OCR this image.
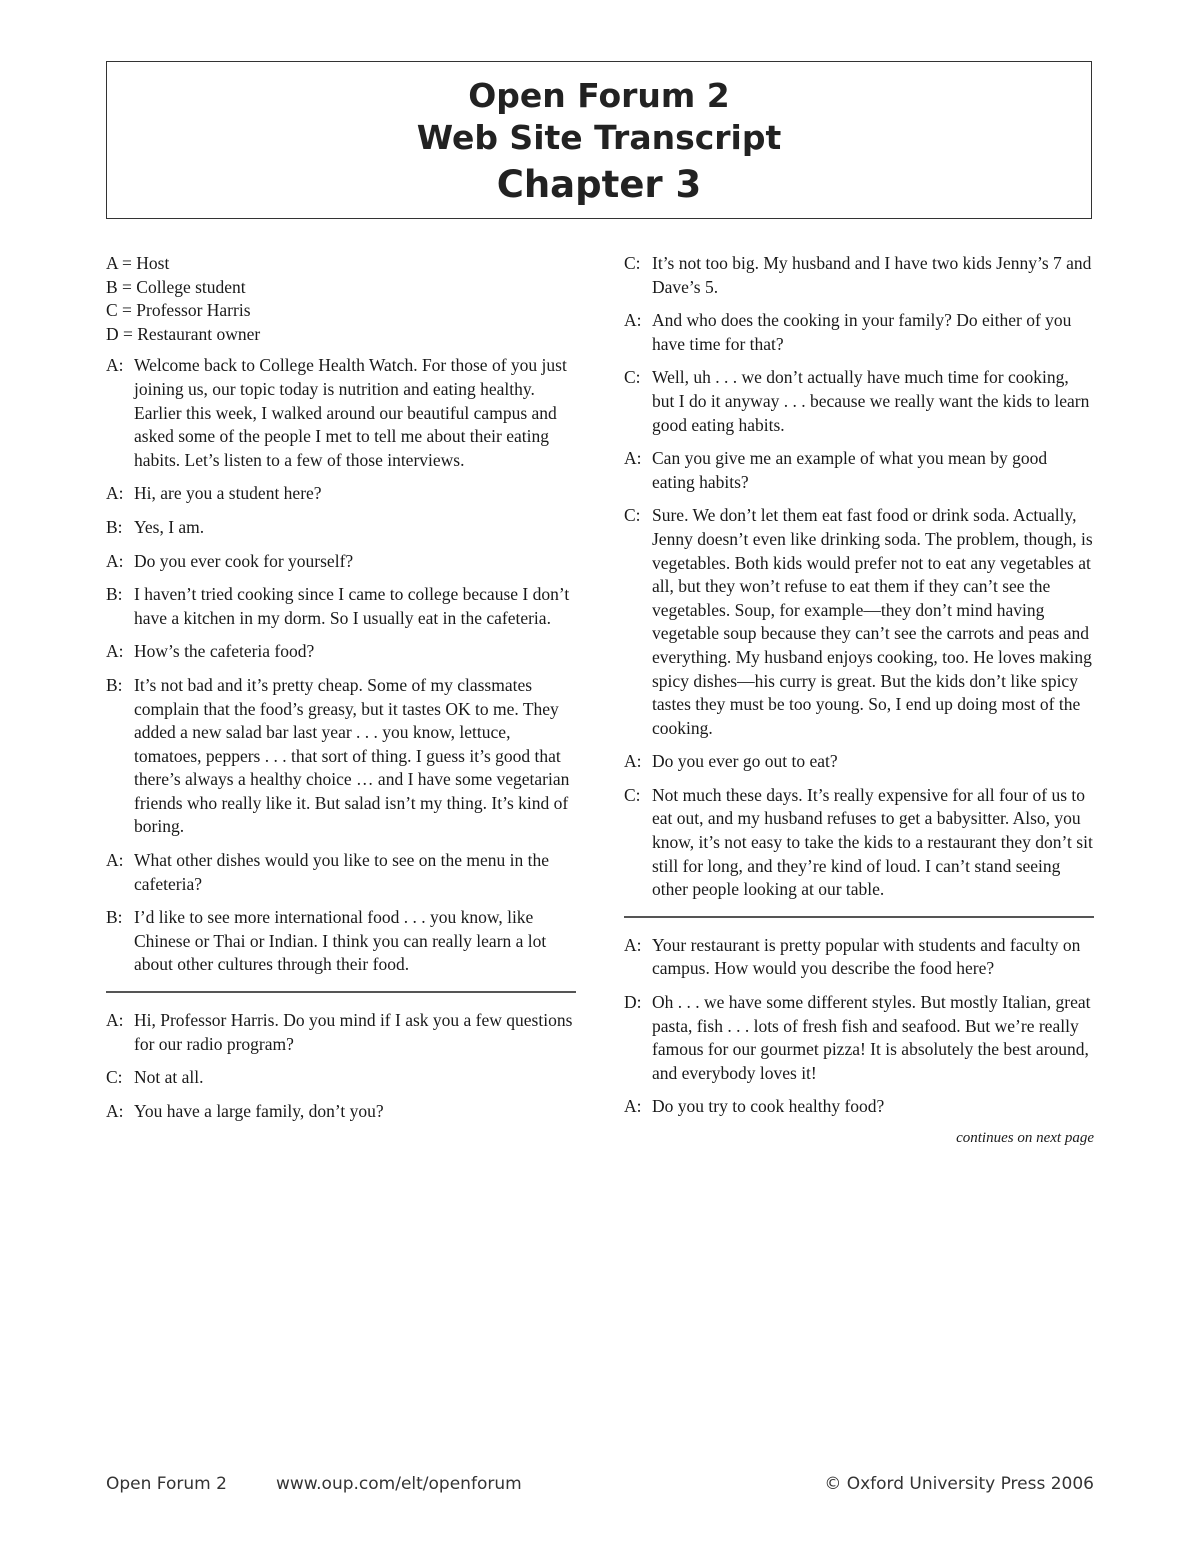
Open Forum 2
Web Site Transcript
Chapter 3
A = Host
B = College student
C = Professor Harris
D = Restaurant owner
A: Welcome back to College Health Watch. For those of you just joining us, our topic today is nutrition and eating healthy. Earlier this week, I walked around our beautiful campus and asked some of the people I met to tell me about their eating habits. Let’s listen to a few of those interviews.
A: Hi, are you a student here?
B: Yes, I am.
A: Do you ever cook for yourself?
B: I haven’t tried cooking since I came to college because I don’t have a kitchen in my dorm. So I usually eat in the cafeteria.
A: How’s the cafeteria food?
B: It’s not bad and it’s pretty cheap. Some of my classmates complain that the food’s greasy, but it tastes OK to me. They added a new salad bar last year . . . you know, lettuce, tomatoes, peppers . . . that sort of thing. I guess it’s good that there’s always a healthy choice … and I have some vegetarian friends who really like it. But salad isn’t my thing. It’s kind of boring.
A: What other dishes would you like to see on the menu in the cafeteria?
B: I’d like to see more international food . . . you know, like Chinese or Thai or Indian. I think you can really learn a lot about other cultures through their food.
A: Hi, Professor Harris. Do you mind if I ask you a few questions for our radio program?
C: Not at all.
A: You have a large family, don’t you?
C: It’s not too big. My husband and I have two kids Jenny’s 7 and Dave’s 5.
A: And who does the cooking in your family? Do either of you have time for that?
C: Well, uh . . . we don’t actually have much time for cooking, but I do it anyway . . . because we really want the kids to learn good eating habits.
A: Can you give me an example of what you mean by good eating habits?
C: Sure. We don’t let them eat fast food or drink soda. Actually, Jenny doesn’t even like drinking soda. The problem, though, is vegetables. Both kids would prefer not to eat any vegetables at all, but they won’t refuse to eat them if they can’t see the vegetables. Soup, for example—they don’t mind having vegetable soup because they can’t see the carrots and peas and everything. My husband enjoys cooking, too. He loves making spicy dishes—his curry is great. But the kids don’t like spicy tastes they must be too young. So, I end up doing most of the cooking.
A: Do you ever go out to eat?
C: Not much these days. It’s really expensive for all four of us to eat out, and my husband refuses to get a babysitter. Also, you know, it’s not easy to take the kids to a restaurant they don’t sit still for long, and they’re kind of loud. I can’t stand seeing other people looking at our table.
A: Your restaurant is pretty popular with students and faculty on campus. How would you describe the food here?
D: Oh . . . we have some different styles. But mostly Italian, great pasta, fish . . . lots of fresh fish and seafood. But we’re really famous for our gourmet pizza! It is absolutely the best around, and everybody loves it!
A: Do you try to cook healthy food?
continues on next page
Open Forum 2	www.oup.com/elt/openforum	© Oxford University Press 2006
